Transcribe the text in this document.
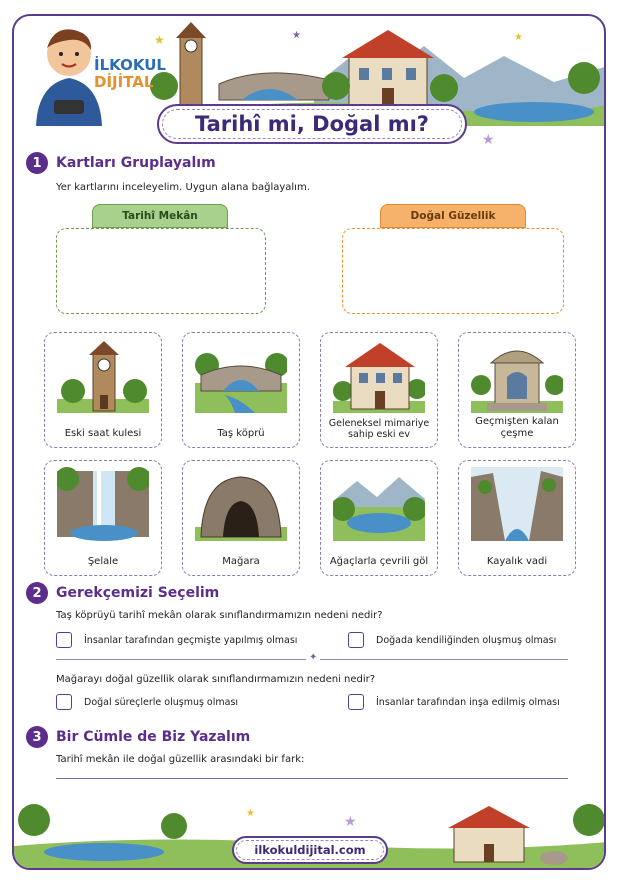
★	★
★
★
İLKOKUL
DİJİTAL
Tarihî mi, Doğal mı?
1	Kartları Gruplayalım
Yer kartlarını inceleyelim. Uygun alana bağlayalım.
Tarihî Mekân	Doğal Güzellik
Eski saat kulesi	Taş köprü
Geleneksel mimariye sahip eski ev
Geçmişten kalan çeşme
Şelale	Mağara	Ağaçlarla çevrili göl	Kayalık vadi
2	Gerekçemizi Seçelim
Taş köprüyü tarihî mekân olarak sınıflandırmamızın nedeni nedir?
İnsanlar tarafından geçmişte yapılmış olması	Doğada kendiliğinden oluşmuş olması
✦
Mağarayı doğal güzellik olarak sınıflandırmamızın nedeni nedir?
Doğal süreçlerle oluşmuş olması	İnsanlar tarafından inşa edilmiş olması
3	Bir Cümle de Biz Yazalım
Tarihî mekân ile doğal güzellik arasındaki bir fark:
★
★
ilkokuldijital.com
